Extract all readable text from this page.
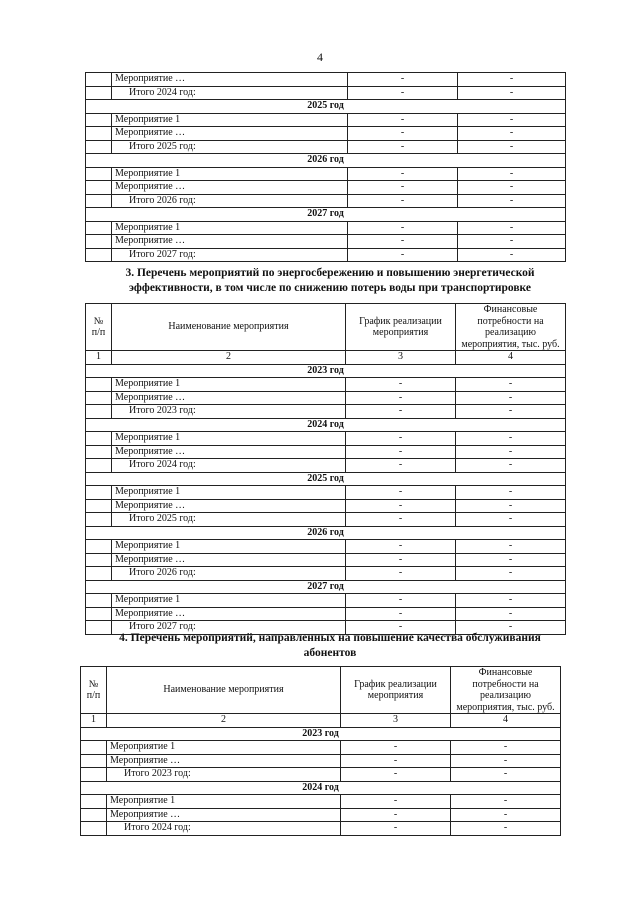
4
	Мероприятие …	-	-
	Итого 2024 год:	-	-
2025 год			
	Мероприятие 1	-	-
	Мероприятие …	-	-
	Итого 2025 год:	-	-
2026 год			
	Мероприятие 1	-	-
	Мероприятие …	-	-
	Итого 2026 год:	-	-
2027 год			
	Мероприятие 1	-	-
	Мероприятие …	-	-
	Итого 2027 год:	-	-
3. Перечень мероприятий по энергосбережению и повышению энергетической эффективности, в том числе по снижению потерь воды при транспортировке
№ п/п	Наименование мероприятия	График реализации мероприятия	Финансовые потребности на реализацию мероприятия, тыс. руб.
1	2	3	4
2023 год			
	Мероприятие 1	-	-
	Мероприятие …	-	-
	Итого 2023 год:	-	-
2024 год			
	Мероприятие 1	-	-
	Мероприятие …	-	-
	Итого 2024 год:	-	-
2025 год			
	Мероприятие 1	-	-
	Мероприятие …	-	-
	Итого 2025 год:	-	-
2026 год			
	Мероприятие 1	-	-
	Мероприятие …	-	-
	Итого 2026 год:	-	-
2027 год			
	Мероприятие 1	-	-
	Мероприятие …	-	-
	Итого 2027 год:	-	-
4. Перечень мероприятий, направленных на повышение качества обслуживания абонентов
№ п/п	Наименование мероприятия	График реализации мероприятия	Финансовые потребности на реализацию мероприятия, тыс. руб.
1	2	3	4
2023 год			
	Мероприятие 1	-	-
	Мероприятие …	-	-
	Итого 2023 год:	-	-
2024 год			
	Мероприятие 1	-	-
	Мероприятие …	-	-
	Итого 2024 год:	-	-
